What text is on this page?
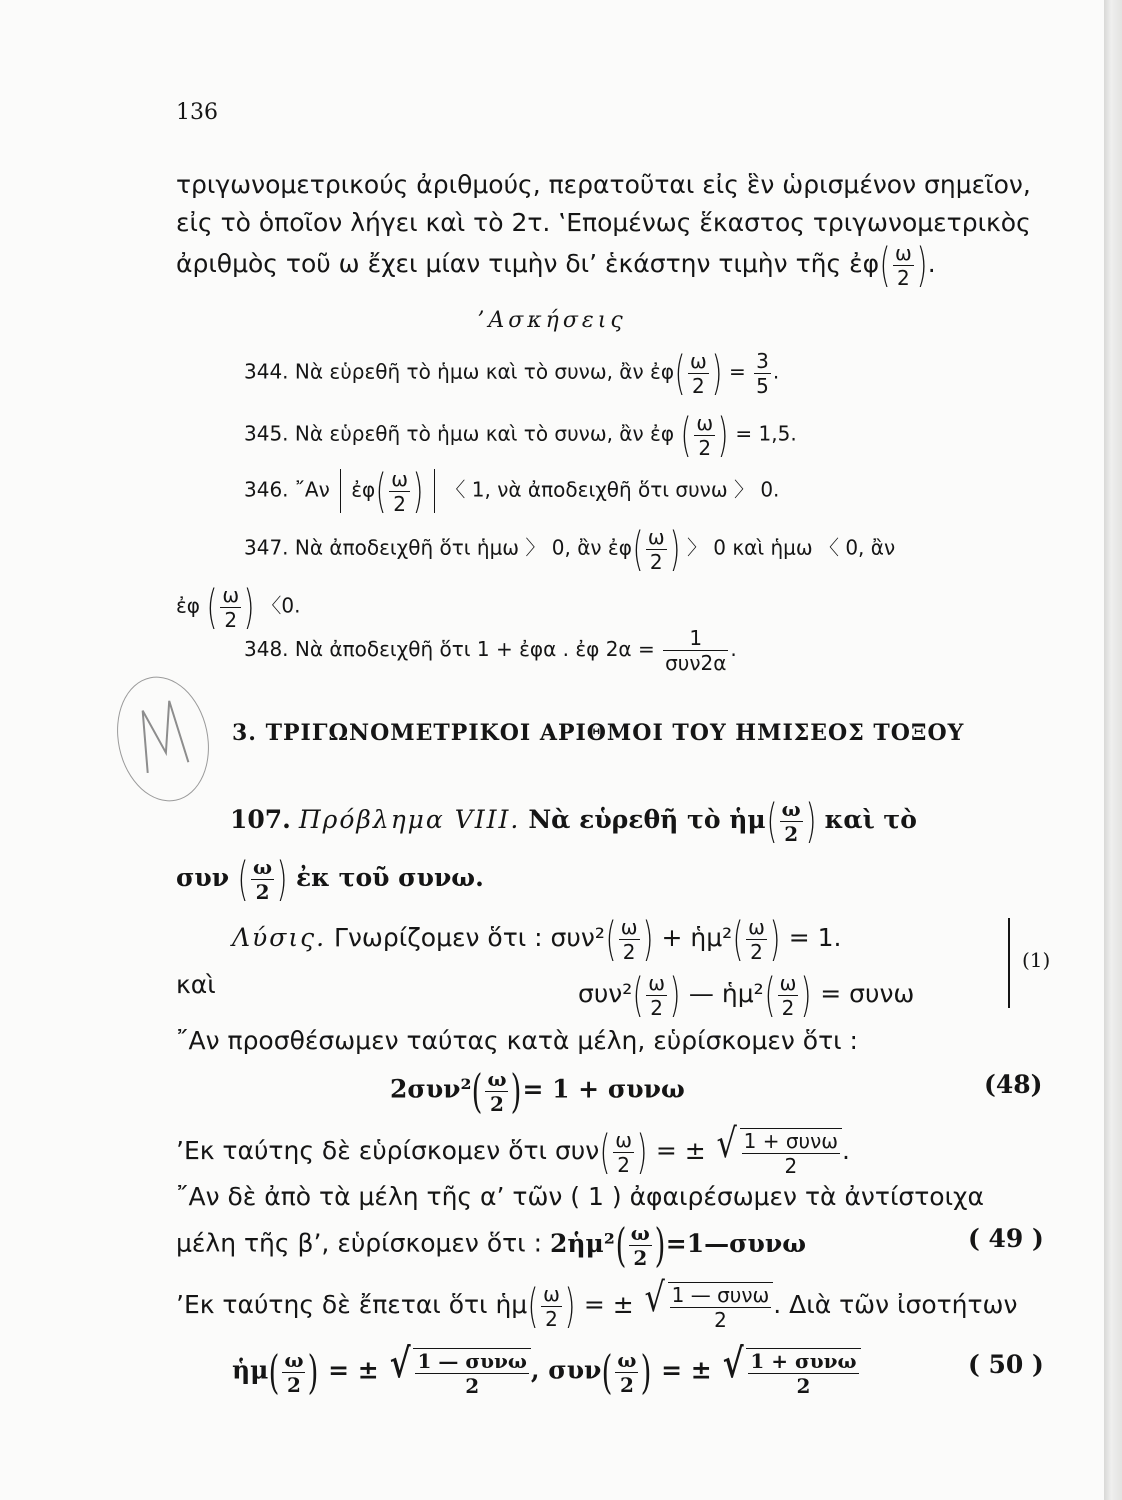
136
τριγωνομετρικούς ἀριθμούς, περατοῦται εἰς ἓν ὡρισμένον σημεῖον,
εἰς τὸ ὁποῖον λήγει καὶ τὸ 2τ. ‛Επομένως ἕκαστος τριγωνομετρικὸς
ἀριθμὸς τοῦ ω ἔχει μίαν τιμὴν δι’ ἑκάστην τιμὴν τῆς ἐφ( $\frac{\omega}{2}$ ).
’Ασκήσεις
344. Νὰ εὑρεθῆ τὸ ἡμω καὶ τὸ συνω, ἂν ἐφ( $\frac{\omega}{2}$ ) = $\frac{3}{5}$ .
345. Νὰ εὑρεθῆ τὸ ἡμω καὶ τὸ συνω, ἂν ἐφ ( $\frac{\omega}{2}$ ) = 1,5.
346. ῎Αν ἐφ( $\frac{\omega}{2}$ ) 〈 1, νὰ ἀποδειχθῆ ὅτι συνω 〉 0.
347. Νὰ ἀποδειχθῆ ὅτι ἡμω 〉 0, ἂν ἐφ( $\frac{\omega}{2}$ ) 〉 0 καὶ ἡμω 〈 0, ἂν
ἐφ ( $\frac{\omega}{2}$ ) 〈0.
348. Νὰ ἀποδειχθῆ ὅτι 1 + ἐφα . ἐφ $2\alpha = \frac{1}{\text{συν2α}}$ .
3. ΤΡΙΓΩΝΟΜΕΤΡΙΚΟΙ ΑΡΙΘΜΟΙ ΤΟΥ ΗΜΙΣΕΟΣ ΤΟΞΟΥ
107. Πρόβλημα VIII. Νὰ εὑρεθῆ τὸ ἡμ( $\frac{\omega}{2}$ ) καὶ τὸ
συν ( $\frac{\omega}{2}$ ) ἐκ τοῦ συνω.
Λύσις. Γνωρίζομεν ὅτι : $\sigma\upsilon\nu^2( \frac{\omega}{2}$ ) + ἡμ²( $\frac{\omega}{2}$ ) = 1.
καὶ	$\sigma\upsilon\nu^2( \frac{\omega}{2}$ ) — ἡμ²( $\frac{\omega}{2}$ ) = συνω
(1)
῎Αν προσθέσωμεν ταύτας κατὰ μέλη, εὑρίσκομεν ὅτι :
$2\sigma\upsilon\nu^2( \frac{\omega}{2}$ )= 1 + συνω	(48)
’Εκ ταύτης δὲ εὑρίσκομεν ὅτι $\sigma\upsilon\nu( \frac{\omega}{2}$ ) = ± √ $\frac{\text{1 + συνω}}{2}$ .
῎Αν δὲ ἀπὸ τὰ μέλη τῆς α’ τῶν ( 1 ) ἀφαιρέσωμεν τὰ ἀντίστοιχα
μέλη τῆς β’, εὑρίσκομεν ὅτι : 2ἡμ²( $\frac{\omega}{2}$ )=1—συνω	( 49 )
’Εκ ταύτης δὲ ἔπεται ὅτι ἡμ( $\frac{\omega}{2}$ ) = ± √ $\frac{\text{1 — συνω}}{2}$ . Διὰ τῶν ἰσοτήτων
ἡμ( $\frac{\omega}{2}$ ) = ± √ $\frac{\text{1 — συνω}}{2}$ , $\sigma\upsilon\nu( \frac{\omega}{2}$ ) = ± √ $\frac{\text{1 + συνω}}{2}$	( 50 )
